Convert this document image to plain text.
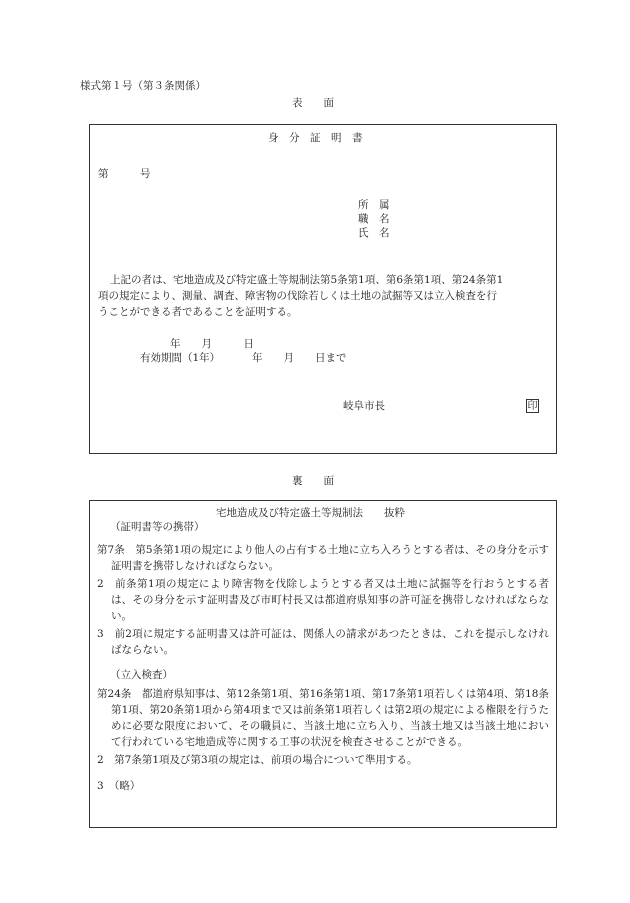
様式第１号（第３条関係）
表　　面
身　分　証　明　書
第　　　号
所　属
職　名
氏　名
上記の者は、宅地造成及び特定盛土等規制法第5条第1項、第6条第1項、第24条第1
項の規定により、測量、調査、障害物の伐除若しくは土地の試掘等又は立入検査を行
うことができる者であることを証明する。
年　　月　　　日
有効期間（1年）	年　　月　　日まで
岐阜市長	印
裏　　面
宅地造成及び特定盛土等規制法　　抜粋
（証明書等の携帯）

第7条　第5条第1項の規定により他人の占有する土地に立ち入ろうとする者は、その身分を示す証明書を携帯しなければならない。

2　前条第1項の規定により障害物を伐除しようとする者又は土地に試掘等を行おうとする者は、その身分を示す証明書及び市町村長又は都道府県知事の許可証を携帯しなければならない。

3　前2項に規定する証明書又は許可証は、関係人の請求があつたときは、これを提示しなければならない。

（立入検査）

第24条　都道府県知事は、第12条第1項、第16条第1項、第17条第1項若しくは第4項、第18条第1項、第20条第1項から第4項まで又は前条第1項若しくは第2項の規定による権限を行うために必要な限度において、その職員に、当該土地に立ち入り、当該土地又は当該土地において行われている宅地造成等に関する工事の状況を検査させることができる。

2　第7条第1項及び第3項の規定は、前項の場合について準用する。

3　（略）
